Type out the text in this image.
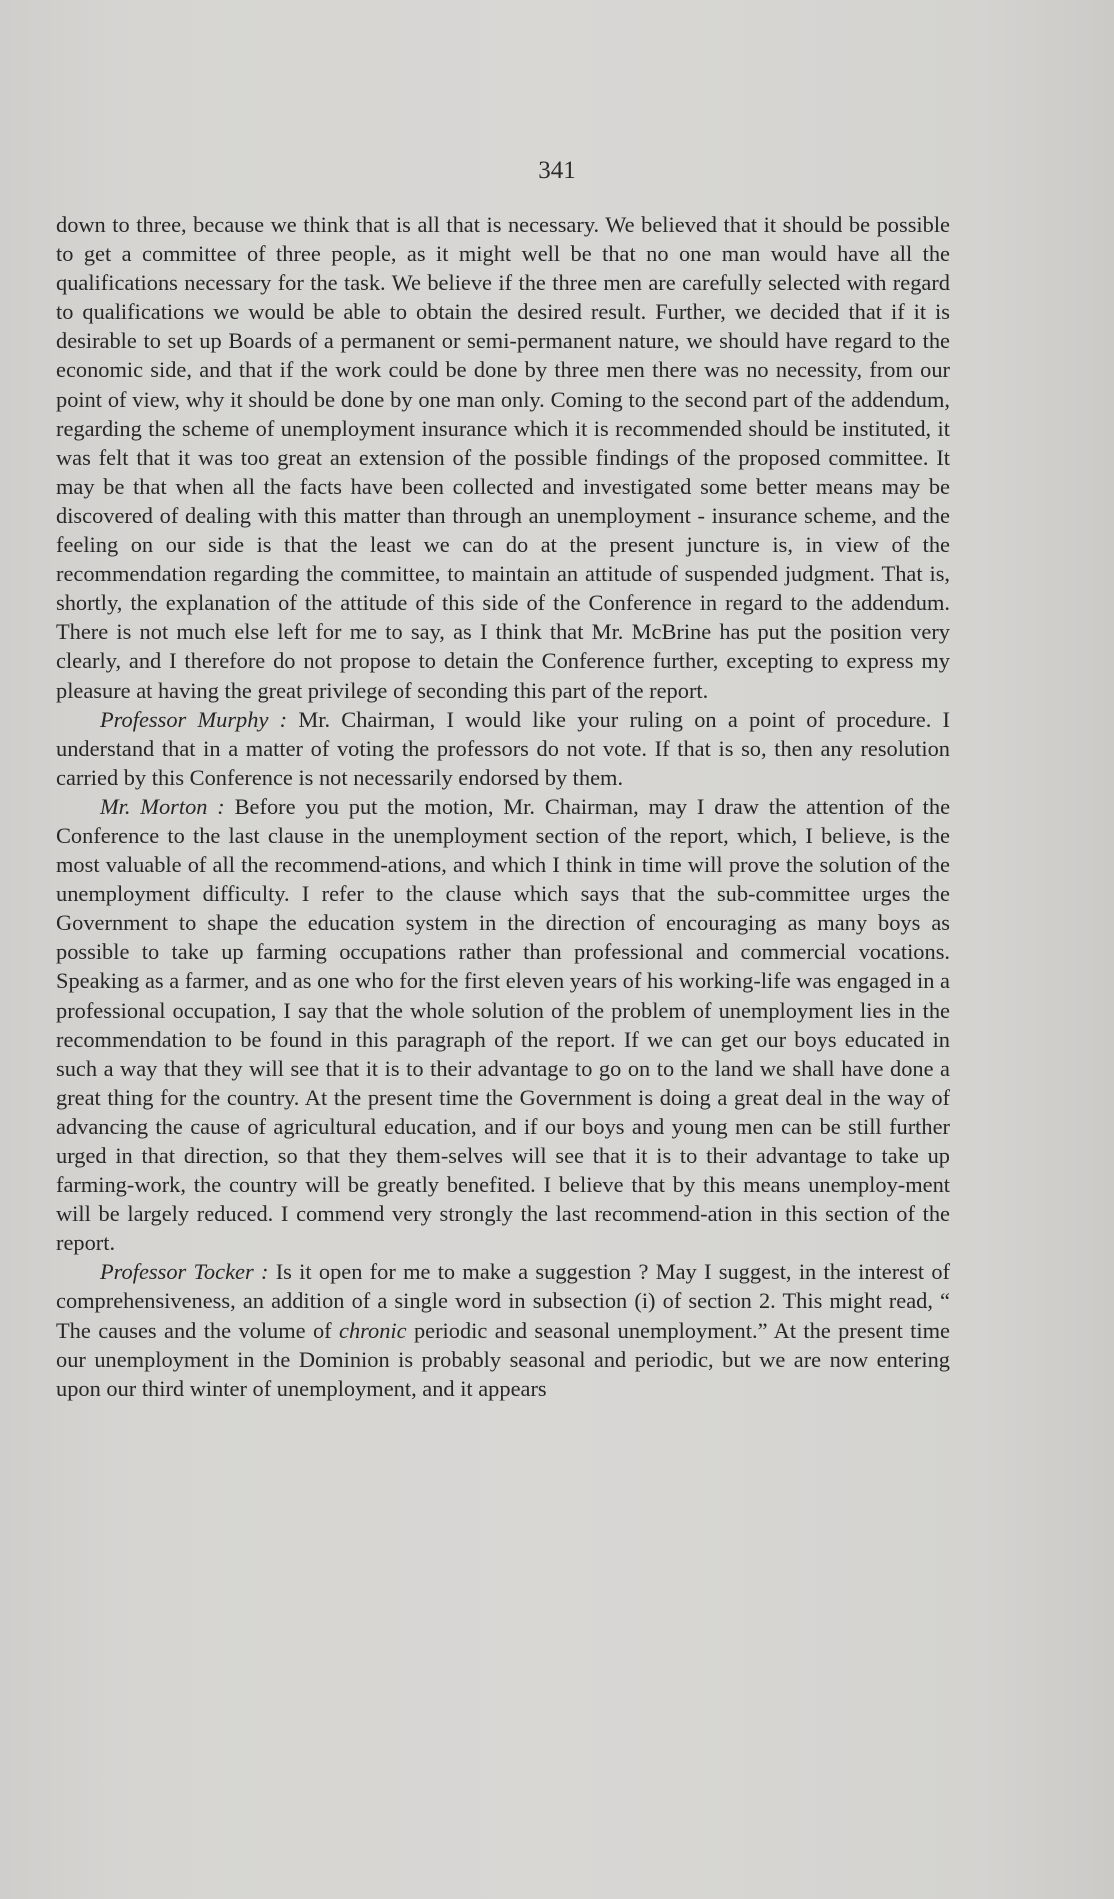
341

down to three, because we think that is all that is necessary. We believed that it should be possible to get a committee of three people, as it might well be that no one man would have all the qualifications necessary for the task. We believe if the three men are carefully selected with regard to qualifications we would be able to obtain the desired result. Further, we decided that if it is desirable to set up Boards of a permanent or semi-permanent nature, we should have regard to the economic side, and that if the work could be done by three men there was no necessity, from our point of view, why it should be done by one man only. Coming to the second part of the addendum, regarding the scheme of unemployment insurance which it is recommended should be instituted, it was felt that it was too great an extension of the possible findings of the proposed committee. It may be that when all the facts have been collected and investigated some better means may be discovered of dealing with this matter than through an unemployment - insurance scheme, and the feeling on our side is that the least we can do at the present juncture is, in view of the recommendation regarding the committee, to maintain an attitude of suspended judgment. That is, shortly, the explanation of the attitude of this side of the Conference in regard to the addendum. There is not much else left for me to say, as I think that Mr. McBrine has put the position very clearly, and I therefore do not propose to detain the Conference further, excepting to express my pleasure at having the great privilege of seconding this part of the report.

Professor Murphy : Mr. Chairman, I would like your ruling on a point of procedure. I understand that in a matter of voting the professors do not vote. If that is so, then any resolution carried by this Conference is not necessarily endorsed by them.

Mr. Morton : Before you put the motion, Mr. Chairman, may I draw the attention of the Conference to the last clause in the unemployment section of the report, which, I believe, is the most valuable of all the recommend-ations, and which I think in time will prove the solution of the unemployment difficulty. I refer to the clause which says that the sub-committee urges the Government to shape the education system in the direction of encouraging as many boys as possible to take up farming occupations rather than professional and commercial vocations. Speaking as a farmer, and as one who for the first eleven years of his working-life was engaged in a professional occupation, I say that the whole solution of the problem of unemployment lies in the recommendation to be found in this paragraph of the report. If we can get our boys educated in such a way that they will see that it is to their advantage to go on to the land we shall have done a great thing for the country. At the present time the Government is doing a great deal in the way of advancing the cause of agricultural education, and if our boys and young men can be still further urged in that direction, so that they them-selves will see that it is to their advantage to take up farming-work, the country will be greatly benefited. I believe that by this means unemploy-ment will be largely reduced. I commend very strongly the last recommend-ation in this section of the report.

Professor Tocker : Is it open for me to make a suggestion ? May I suggest, in the interest of comprehensiveness, an addition of a single word in subsection (i) of section 2. This might read, “ The causes and the volume of chronic periodic and seasonal unemployment.” At the present time our unemployment in the Dominion is probably seasonal and periodic, but we are now entering upon our third winter of unemployment, and it appears
